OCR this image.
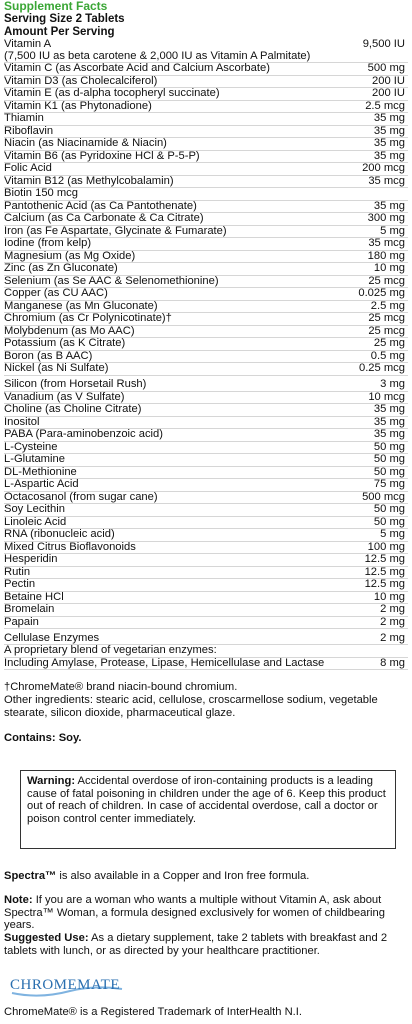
Supplement Facts
Serving Size 2 Tablets
Amount Per Serving
Vitamin A	9,500 IU
(7,500 IU as beta carotene & 2,000 IU as Vitamin A Palmitate)
Vitamin C (as Ascorbate Acid and Calcium Ascorbate)	500 mg
Vitamin D3 (as Cholecalciferol)	200 IU
Vitamin E (as d-alpha tocopheryl succinate)	200 IU
Vitamin K1 (as Phytonadione)	2.5 mcg
Thiamin	35 mg
Riboflavin	35 mg
Niacin (as Niacinamide & Niacin)	35 mg
Vitamin B6 (as Pyridoxine HCl & P-5-P)	35 mg
Folic Acid	200 mcg
Vitamin B12 (as Methylcobalamin)	35 mcg
Biotin 150 mcg
Pantothenic Acid (as Ca Pantothenate)	35 mg
Calcium (as Ca Carbonate & Ca Citrate)	300 mg
Iron (as Fe Aspartate, Glycinate & Fumarate)	5 mg
Iodine (from kelp)	35 mcg
Magnesium (as Mg Oxide)	180 mg
Zinc (as Zn Gluconate)	10 mg
Selenium (as Se AAC & Selenomethionine)	25 mcg
Copper (as CU AAC)	0.025 mg
Manganese (as Mn Gluconate)	2.5 mg
Chromium (as Cr Polynicotinate)†	25 mcg
Molybdenum (as Mo AAC)	25 mcg
Potassium (as K Citrate)	25 mg
Boron (as B AAC)	0.5 mg
Nickel (as Ni Sulfate)	0.25 mcg
Silicon (from Horsetail Rush)	3 mg
Vanadium (as V Sulfate)	10 mcg
Choline (as Choline Citrate)	35 mg
Inositol	35 mg
PABA (Para-aminobenzoic acid)	35 mg
L-Cysteine	50 mg
L-Glutamine	50 mg
DL-Methionine	50 mg
L-Aspartic Acid	75 mg
Octacosanol (from sugar cane)	500 mcg
Soy Lecithin	50 mg
Linoleic Acid	50 mg
RNA (ribonucleic acid)	5 mg
Mixed Citrus Bioflavonoids	100 mg
Hesperidin	12.5 mg
Rutin	12.5 mg
Pectin	12.5 mg
Betaine HCl	10 mg
Bromelain	2 mg
Papain	2 mg
Cellulase Enzymes	2 mg
A proprietary blend of vegetarian enzymes:
Including Amylase, Protease, Lipase, Hemicellulase and Lactase	8 mg
†ChromeMate® brand niacin-bound chromium.
Other ingredients: stearic acid, cellulose, croscarmellose sodium, vegetable stearate, silicon dioxide, pharmaceutical glaze.
Contains: Soy.
Warning: Accidental overdose of iron-containing products is a leading cause of fatal poisoning in children under the age of 6. Keep this product out of reach of children. In case of accidental overdose, call a doctor or poison control center immediately.
Spectra™ is also available in a Copper and Iron free formula.
Note: If you are a woman who wants a multiple without Vitamin A, ask about Spectra™ Woman, a formula designed exclusively for women of childbearing years.
Suggested Use: As a dietary supplement, take 2 tablets with breakfast and 2 tablets with lunch, or as directed by your healthcare practitioner.
CHROMEMATE
ChromeMate® is a Registered Trademark of InterHealth N.I.
